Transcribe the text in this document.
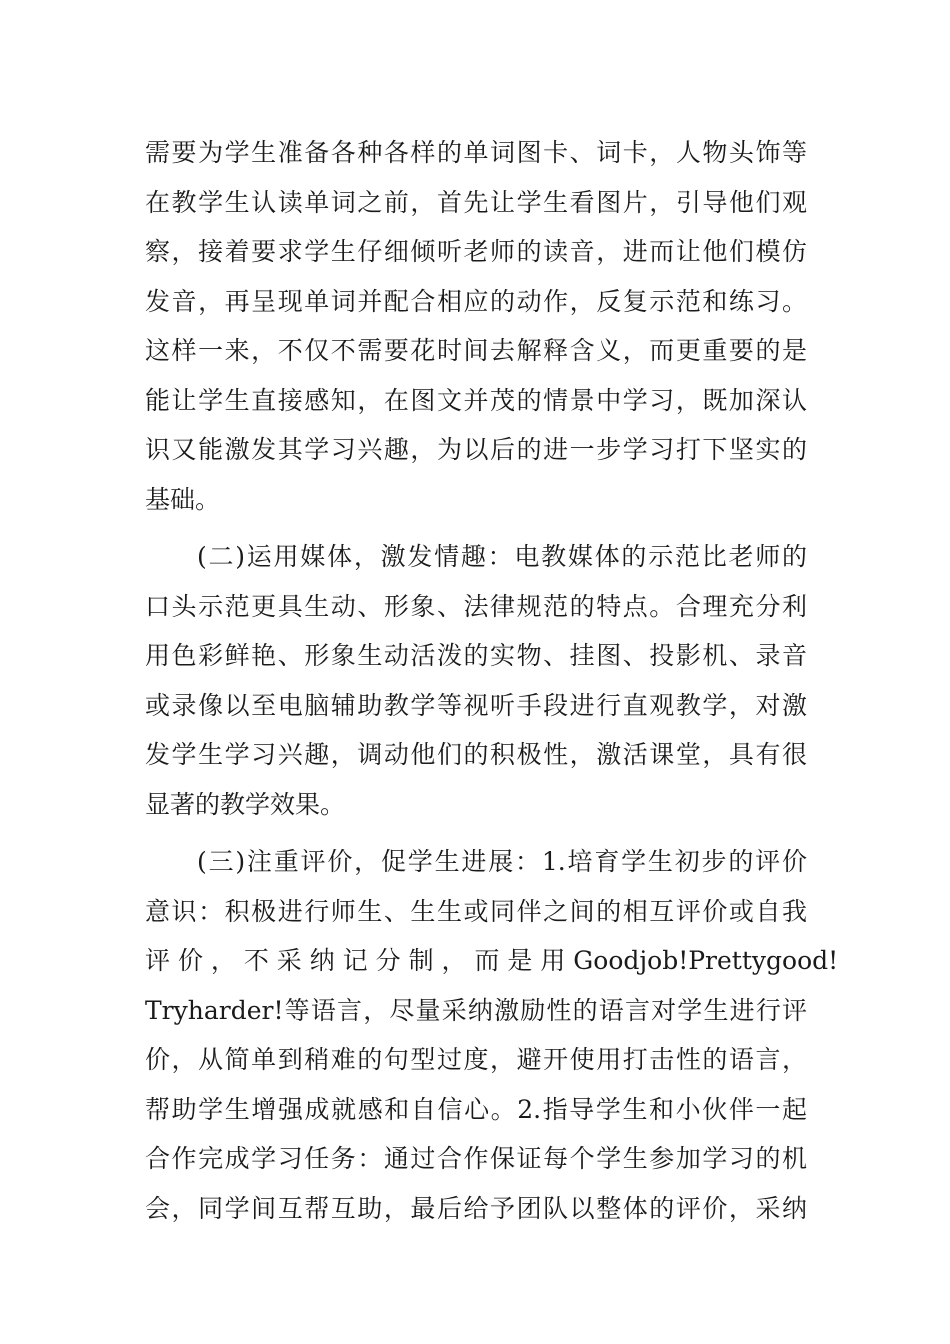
需要为学生准备各种各样的单词图卡、词卡，人物头饰等
在教学生认读单词之前，首先让学生看图片，引导他们观
察，接着要求学生仔细倾听老师的读音，进而让他们模仿
发音，再呈现单词并配合相应的动作，反复示范和练习。
这样一来，不仅不需要花时间去解释含义，而更重要的是
能让学生直接感知，在图文并茂的情景中学习，既加深认
识又能激发其学习兴趣，为以后的进一步学习打下坚实的
基础。
(二)运用媒体，激发情趣：电教媒体的示范比老师的
口头示范更具生动、形象、法律规范的特点。合理充分利
用色彩鲜艳、形象生动活泼的实物、挂图、投影机、录音
或录像以至电脑辅助教学等视听手段进行直观教学，对激
发学生学习兴趣，调动他们的积极性，激活课堂，具有很
显著的教学效果。
(三)注重评价，促学生进展：1.培育学生初步的评价
意识：积极进行师生、生生或同伴之间的相互评价或自我
评 价 ， 不 采 纳 记 分 制 ， 而 是 用 Goodjob!Prettygood!
Tryharder!等语言，尽量采纳激励性的语言对学生进行评
价，从简单到稍难的句型过度，避开使用打击性的语言，
帮助学生增强成就感和自信心。2.指导学生和小伙伴一起
合作完成学习任务：通过合作保证每个学生参加学习的机
会，同学间互帮互助，最后给予团队以整体的评价，采纳
